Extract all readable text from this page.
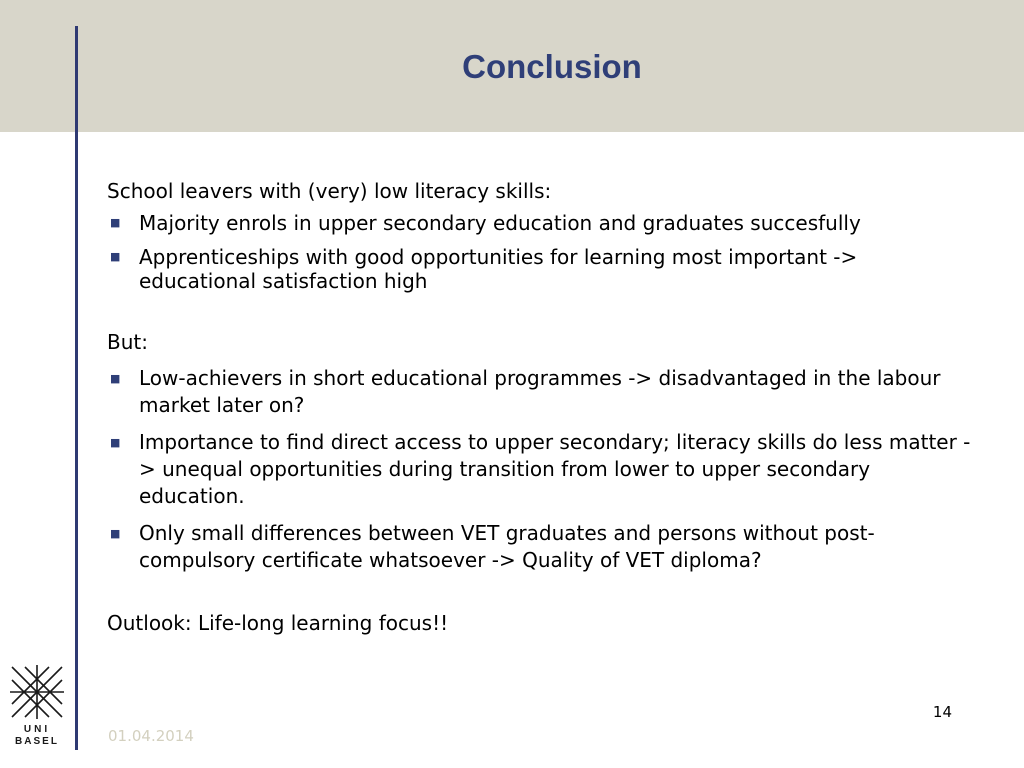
Conclusion

School leavers with (very) low literacy skills:

■ Majority enrols in upper secondary education and graduates succesfully
■ Apprenticeships with good opportunities for learning most important -> educational satisfaction high

But:

■ Low-achievers in short educational programmes -> disadvantaged in the labour market later on?
■ Importance to find direct access to upper secondary; literacy skills do less matter -> unequal opportunities during transition from lower to upper secondary education.
■ Only small differences between VET graduates and persons without post-compulsory certificate whatsoever -> Quality of VET diploma?

Outlook: Life-long learning focus!!

14
01.04.2014
UNI
BASEL
